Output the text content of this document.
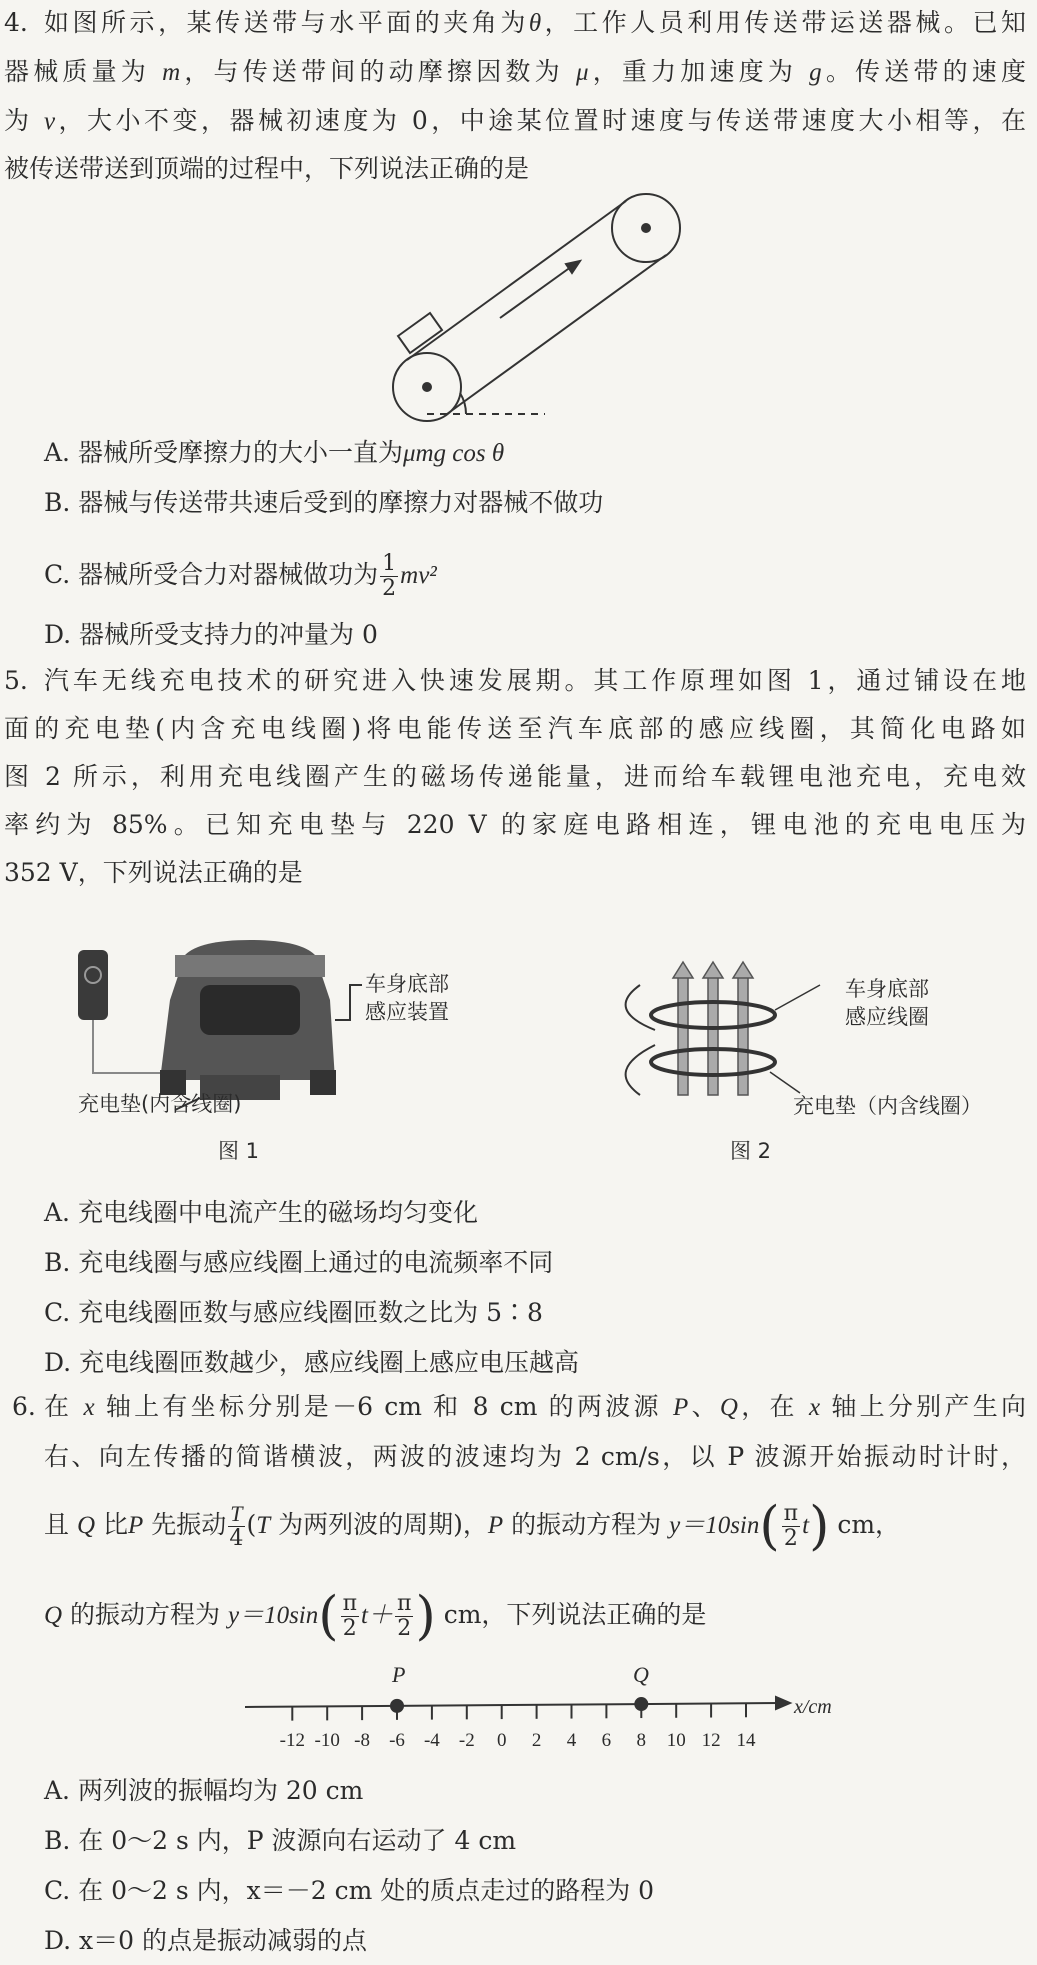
4. 如图所示，某传送带与水平面的夹角为θ，工作人员利用传送带运送器械。已知
器械质量为 m，与传送带间的动摩擦因数为 μ，重力加速度为 g。传送带的速度
为 v，大小不变，器械初速度为 0，中途某位置时速度与传送带速度大小相等，在
被传送带送到顶端的过程中，下列说法正确的是
A. 器械所受摩擦力的大小一直为μmg cos θ
B. 器械与传送带共速后受到的摩擦力对器械不做功
C. 器械所受合力对器械做功为 $\frac{1}{2} mv^2$
D. 器械所受支持力的冲量为 0
5. 汽车无线充电技术的研究进入快速发展期。其工作原理如图 1，通过铺设在地
面的充电垫(内含充电线圈)将电能传送至汽车底部的感应线圈，其简化电路如
图 2 所示，利用充电线圈产生的磁场传递能量，进而给车载锂电池充电，充电效
率约为 85%。已知充电垫与 220 V 的家庭电路相连，锂电池的充电电压为
352 V，下列说法正确的是
车身底部
感应装置
充电垫(内含线圈)
图 1
车身底部
感应线圈
充电垫（内含线圈）
图 2
A. 充电线圈中电流产生的磁场均匀变化
B. 充电线圈与感应线圈上通过的电流频率不同
C. 充电线圈匝数与感应线圈匝数之比为 5∶8
D. 充电线圈匝数越少，感应线圈上感应电压越高
6. 在 x 轴上有坐标分别是－6 cm 和 8 cm 的两波源 P、Q，在 x 轴上分别产生向
右、向左传播的简谐横波，两波的波速均为 2 cm/s，以 P 波源开始振动时计时，
且 Q 比P 先振动$\frac{T}{4} (T$ 为两列波的周期)，P 的振动方程为 $y=10\sin( \frac{\pi}{2} t)$ cm，
Q 的振动方程为 $y=10\sin( \frac{\pi}{2} t+ \frac{\pi}{2}$ ) cm，下列说法正确的是
P	Q
x/cm
-12 -10 -8	-6	-4	-2	0	2	4	6	8	10 12 14
A. 两列波的振幅均为 20 cm
B. 在 0～2 s 内，P 波源向右运动了 4 cm
C. 在 0～2 s 内，x＝－2 cm 处的质点走过的路程为 0
D. x＝0 的点是振动减弱的点
